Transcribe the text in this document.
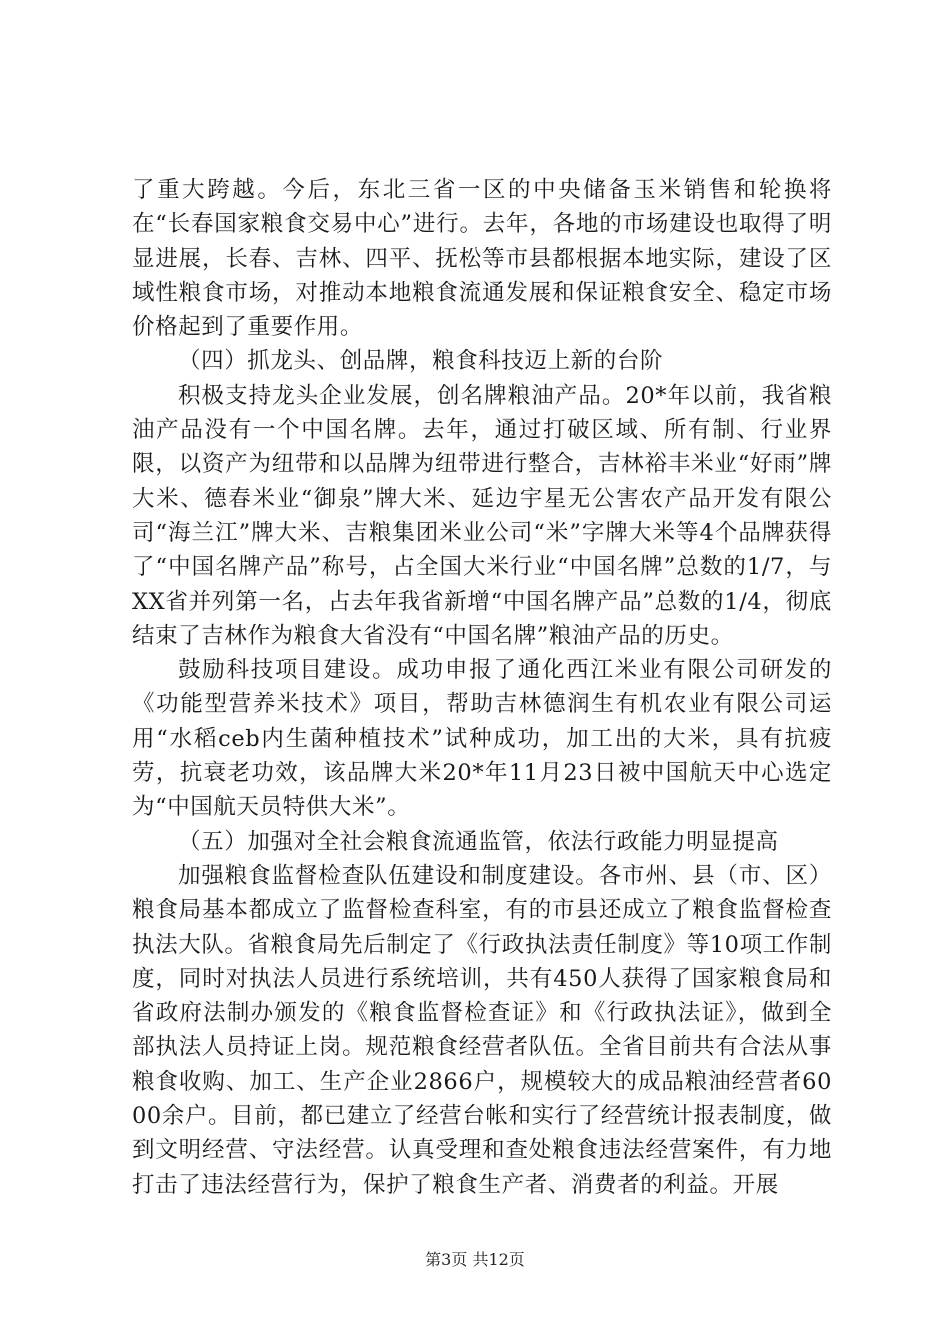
了重大跨越。今后，东北三省一区的中央储备玉米销售和轮换将在“长春国家粮食交易中心”进行。去年，各地的市场建设也取得了明显进展，长春、吉林、四平、抚松等市县都根据本地实际，建设了区域性粮食市场，对推动本地粮食流通发展和保证粮食安全、稳定市场价格起到了重要作用。

（四）抓龙头、创品牌，粮食科技迈上新的台阶

积极支持龙头企业发展，创名牌粮油产品。20*年以前，我省粮油产品没有一个中国名牌。去年，通过打破区域、所有制、行业界限，以资产为纽带和以品牌为纽带进行整合，吉林裕丰米业“好雨”牌大米、德春米业“御泉”牌大米、延边宇星无公害农产品开发有限公司“海兰江”牌大米、吉粮集团米业公司“米”字牌大米等4个品牌获得了“中国名牌产品”称号，占全国大米行业“中国名牌”总数的1/7，与XX省并列第一名，占去年我省新增“中国名牌产品”总数的1/4，彻底结束了吉林作为粮食大省没有“中国名牌”粮油产品的历史。

鼓励科技项目建设。成功申报了通化西江米业有限公司研发的《功能型营养米技术》项目，帮助吉林德润生有机农业有限公司运用“水稻ceb内生菌种植技术”试种成功，加工出的大米，具有抗疲劳，抗衰老功效，该品牌大米20*年11月23日被中国航天中心选定为“中国航天员特供大米”。

（五）加强对全社会粮食流通监管，依法行政能力明显提高

加强粮食监督检查队伍建设和制度建设。各市州、县（市、区）粮食局基本都成立了监督检查科室，有的市县还成立了粮食监督检查执法大队。省粮食局先后制定了《行政执法责任制度》等10项工作制度，同时对执法人员进行系统培训，共有450人获得了国家粮食局和省政府法制办颁发的《粮食监督检查证》和《行政执法证》，做到全部执法人员持证上岗。规范粮食经营者队伍。全省目前共有合法从事粮食收购、加工、生产企业2866户，规模较大的成品粮油经营者6000余户。目前，都已建立了经营台帐和实行了经营统计报表制度，做到文明经营、守法经营。认真受理和查处粮食违法经营案件，有力地打击了违法经营行为，保护了粮食生产者、消费者的利益。开展

第3页 共12页
